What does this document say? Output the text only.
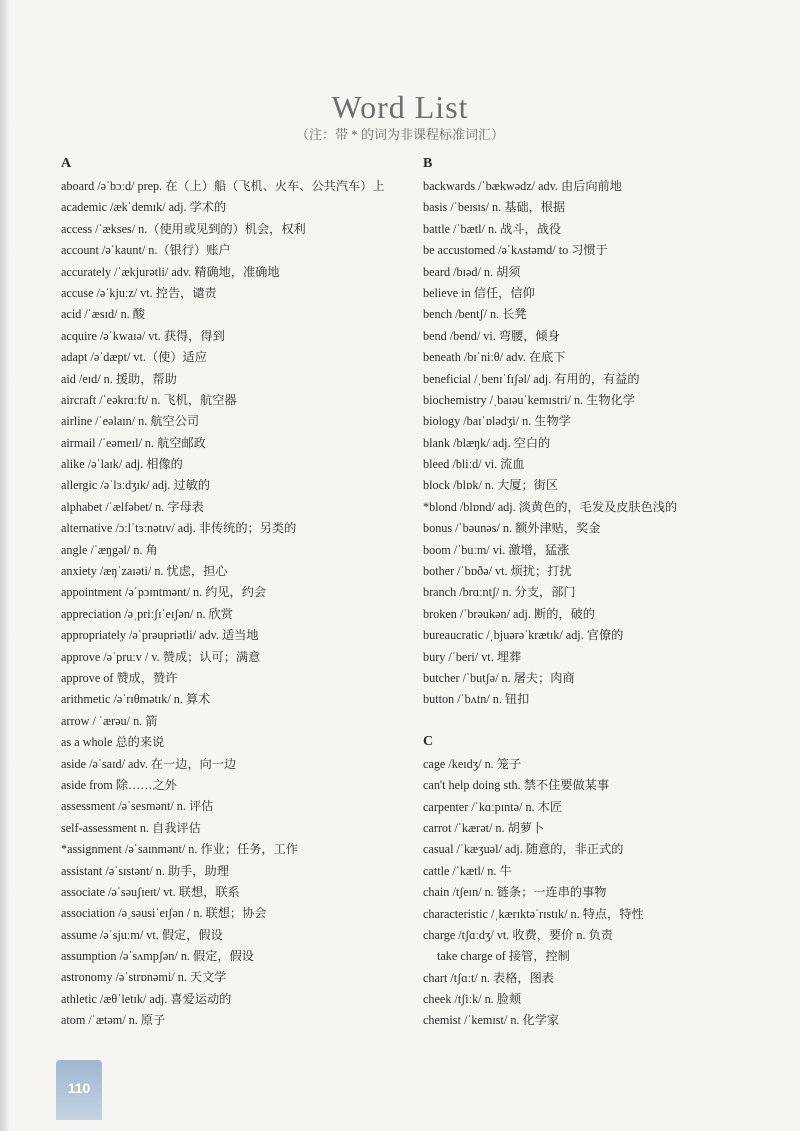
Word List
（注：带 * 的词为非课程标准词汇）
A
aboard /əˈbɔːd/ prep. 在（上）船（飞机、火车、公共汽车）上
academic /ækˈdemɪk/ adj. 学术的
access /ˈækses/ n.（使用或见到的）机会，权利
account /əˈkaunt/ n.（银行）账户
accurately /ˈækjurətli/ adv. 精确地，准确地
accuse /əˈkjuːz/ vt. 控告，谴责
acid /ˈæsɪd/ n. 酸
acquire /əˈkwaɪə/ vt. 获得，得到
adapt /əˈdæpt/ vt.（使）适应
aid /eɪd/ n. 援助，帮助
aircraft /ˈeəkrɑːft/ n. 飞机，航空器
airline /ˈeəlaɪn/ n. 航空公司
airmail /ˈeəmeɪl/ n. 航空邮政
alike /əˈlaɪk/ adj. 相像的
allergic /əˈlɜːdʒɪk/ adj. 过敏的
alphabet /ˈælfəbet/ n. 字母表
alternative /ɔːlˈtɜːnətɪv/ adj. 非传统的；另类的
angle /ˈæŋgəl/ n. 角
anxiety /æŋˈzaɪəti/ n. 忧虑，担心
appointment /əˈpɔɪntmənt/ n. 约见，约会
appreciation /əˌpriːʃɪˈeɪʃən/ n. 欣赏
appropriately /əˈprəupriətli/ adv. 适当地
approve /əˈpruːv / v. 赞成；认可；满意
approve of 赞成，赞许
arithmetic /əˈrɪθmətɪk/ n. 算术
arrow / ˈærəu/ n. 箭
as a whole 总的来说
aside /əˈsaɪd/ adv. 在一边，向一边
aside from 除……之外
assessment /əˈsesmənt/ n. 评估
self-assessment n. 自我评估
*assignment /əˈsaɪnmənt/ n. 作业；任务，工作
assistant /əˈsɪstənt/ n. 助手，助理
associate /əˈsəuʃɪeɪt/ vt. 联想，联系
association /əˌsəusiˈeɪʃən / n. 联想；协会
assume /əˈsjuːm/ vt. 假定，假设
assumption /əˈsʌmpʃən/ n. 假定，假设
astronomy /əˈstrɒnəmi/ n. 天文学
athletic /æθˈletɪk/ adj. 喜爱运动的
atom /ˈætəm/ n. 原子
B
backwards /ˈbækwədz/ adv. 由后向前地
basis /ˈbeɪsɪs/ n. 基础，根据
battle /ˈbætl/ n. 战斗，战役
be accustomed /əˈkʌstəmd/ to 习惯于
beard /bɪəd/ n. 胡须
believe in 信任，信仰
bench /bentʃ/ n. 长凳
bend /bend/ vi. 弯腰，倾身
beneath /bɪˈniːθ/ adv. 在底下
beneficial /ˌbenɪˈfɪʃəl/ adj. 有用的，有益的
biochemistry /ˌbaɪəuˈkemɪstri/ n. 生物化学
biology /baɪˈɒlədʒi/ n. 生物学
blank /blæŋk/ adj. 空白的
bleed /bliːd/ vi. 流血
block /blɒk/ n. 大厦；街区
*blond /blɒnd/ adj. 淡黄色的，毛发及皮肤色浅的
bonus /ˈbəunəs/ n. 额外津贴，奖金
boom /ˈbuːm/ vi. 激增，猛涨
bother /ˈbɒðə/ vt. 烦扰；打扰
branch /brɑːntʃ/ n. 分支，部门
broken /ˈbrəukən/ adj. 断的，破的
bureaucratic /ˌbjuərəˈkrætɪk/ adj. 官僚的
bury /ˈberi/ vt. 埋葬
butcher /ˈbutʃə/ n. 屠夫；肉商
button /ˈbʌtn/ n. 钮扣
C
cage /keɪdʒ/ n. 笼子
can't help doing sth. 禁不住要做某事
carpenter /ˈkɑːpɪntə/ n. 木匠
carrot /ˈkærət/ n. 胡萝卜
casual /ˈkæʒuəl/ adj. 随意的，非正式的
cattle /ˈkætl/ n. 牛
chain /tʃeɪn/ n. 链条；一连串的事物
characteristic /ˌkærɪktəˈrɪstɪk/ n. 特点，特性
charge /tʃɑːdʒ/ vt. 收费，要价 n. 负责
take charge of 接管，控制
chart /tʃɑːt/ n. 表格，图表
cheek /tʃiːk/ n. 脸颊
chemist /ˈkemɪst/ n. 化学家
110
